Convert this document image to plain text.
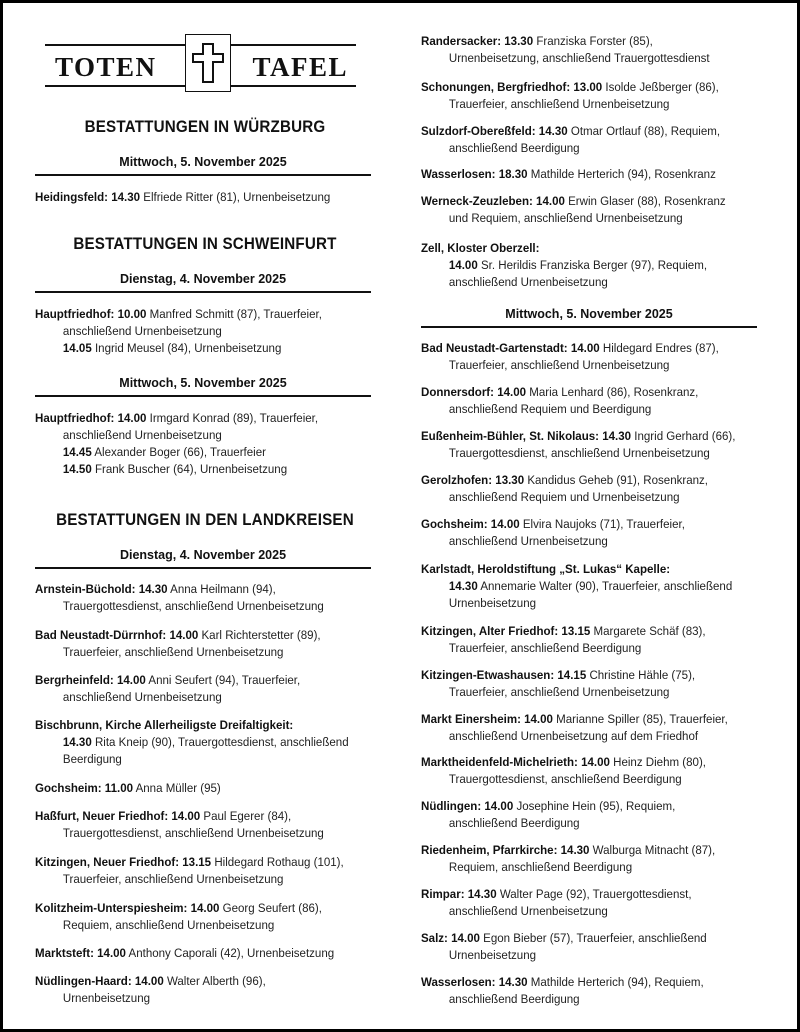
TOTEN	TAFEL
BESTATTUNGEN IN WÜRZBURG
Mittwoch, 5. November 2025
Heidingsfeld: 14.30 Elfriede Ritter (81), Urnenbeisetzung
BESTATTUNGEN IN SCHWEINFURT
Dienstag, 4. November 2025
Hauptfriedhof: 10.00 Manfred Schmitt (87), Trauerfeier,
anschließend Urnenbeisetzung
14.05 Ingrid Meusel (84), Urnenbeisetzung
Mittwoch, 5. November 2025
Hauptfriedhof: 14.00 Irmgard Konrad (89), Trauerfeier,
anschließend Urnenbeisetzung
14.45 Alexander Boger (66), Trauerfeier
14.50 Frank Buscher (64), Urnenbeisetzung
BESTATTUNGEN IN DEN LANDKREISEN
Dienstag, 4. November 2025
Arnstein-Büchold: 14.30 Anna Heilmann (94),
Trauergottesdienst, anschließend Urnenbeisetzung
Bad Neustadt-Dürrnhof: 14.00 Karl Richterstetter (89),
Trauerfeier, anschließend Urnenbeisetzung
Bergrheinfeld: 14.00 Anni Seufert (94), Trauerfeier,
anschließend Urnenbeisetzung
Bischbrunn, Kirche Allerheiligste Dreifaltigkeit:
14.30 Rita Kneip (90), Trauergottesdienst, anschließend
Beerdigung
Gochsheim: 11.00 Anna Müller (95)
Haßfurt, Neuer Friedhof: 14.00 Paul Egerer (84),
Trauergottesdienst, anschließend Urnenbeisetzung
Kitzingen, Neuer Friedhof: 13.15 Hildegard Rothaug (101),
Trauerfeier, anschließend Urnenbeisetzung
Kolitzheim-Unterspiesheim: 14.00 Georg Seufert (86),
Requiem, anschließend Urnenbeisetzung
Marktsteft: 14.00 Anthony Caporali (42), Urnenbeisetzung
Nüdlingen-Haard: 14.00 Walter Alberth (96),
Urnenbeisetzung
Randersacker: 13.30 Franziska Forster (85),
Urnenbeisetzung, anschließend Trauergottesdienst
Schonungen, Bergfriedhof: 13.00 Isolde Jeßberger (86),
Trauerfeier, anschließend Urnenbeisetzung
Sulzdorf-Obereßfeld: 14.30 Otmar Ortlauf (88), Requiem,
anschließend Beerdigung
Wasserlosen: 18.30 Mathilde Herterich (94), Rosenkranz
Werneck-Zeuzleben: 14.00 Erwin Glaser (88), Rosenkranz
und Requiem, anschließend Urnenbeisetzung
Zell, Kloster Oberzell:
14.00 Sr. Herildis Franziska Berger (97), Requiem,
anschließend Urnenbeisetzung
Mittwoch, 5. November 2025
Bad Neustadt-Gartenstadt: 14.00 Hildegard Endres (87),
Trauerfeier, anschließend Urnenbeisetzung
Donnersdorf: 14.00 Maria Lenhard (86), Rosenkranz,
anschließend Requiem und Beerdigung
Eußenheim-Bühler, St. Nikolaus: 14.30 Ingrid Gerhard (66),
Trauergottesdienst, anschließend Urnenbeisetzung
Gerolzhofen: 13.30 Kandidus Geheb (91), Rosenkranz,
anschließend Requiem und Urnenbeisetzung
Gochsheim: 14.00 Elvira Naujoks (71), Trauerfeier,
anschließend Urnenbeisetzung
Karlstadt, Heroldstiftung „St. Lukas“ Kapelle:
14.30 Annemarie Walter (90), Trauerfeier, anschließend
Urnenbeisetzung
Kitzingen, Alter Friedhof: 13.15 Margarete Schäf (83),
Trauerfeier, anschließend Beerdigung
Kitzingen-Etwashausen: 14.15 Christine Hähle (75),
Trauerfeier, anschließend Urnenbeisetzung
Markt Einersheim: 14.00 Marianne Spiller (85), Trauerfeier,
anschließend Urnenbeisetzung auf dem Friedhof
Marktheidenfeld-Michelrieth: 14.00 Heinz Diehm (80),
Trauergottesdienst, anschließend Beerdigung
Nüdlingen: 14.00 Josephine Hein (95), Requiem,
anschließend Beerdigung
Riedenheim, Pfarrkirche: 14.30 Walburga Mitnacht (87),
Requiem, anschließend Beerdigung
Rimpar: 14.30 Walter Page (92), Trauergottesdienst,
anschließend Urnenbeisetzung
Salz: 14.00 Egon Bieber (57), Trauerfeier, anschließend
Urnenbeisetzung
Wasserlosen: 14.30 Mathilde Herterich (94), Requiem,
anschließend Beerdigung
